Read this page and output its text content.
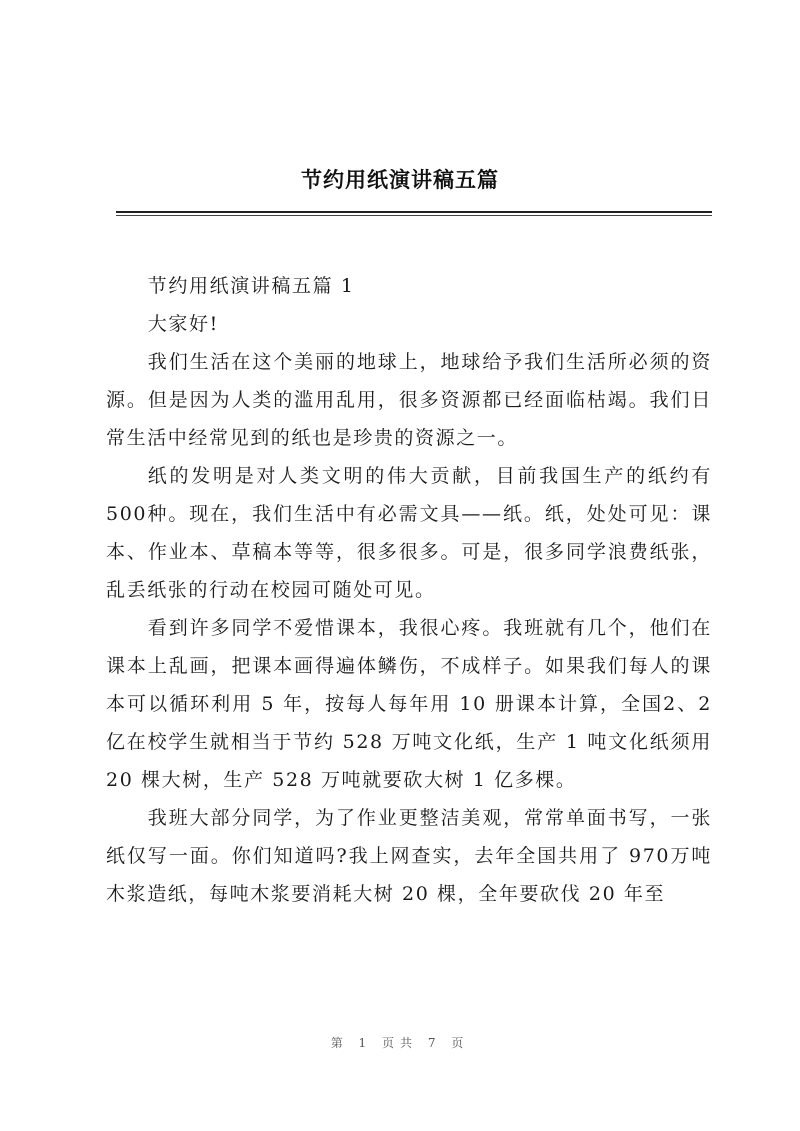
节约用纸演讲稿五篇

节约用纸演讲稿五篇 1

大家好!

我们生活在这个美丽的地球上，地球给予我们生活所必须的资源。但是因为人类的滥用乱用，很多资源都已经面临枯竭。我们日常生活中经常见到的纸也是珍贵的资源之一。

纸的发明是对人类文明的伟大贡献，目前我国生产的纸约有500种。现在，我们生活中有必需文具——纸。纸，处处可见：课本、作业本、草稿本等等，很多很多。可是，很多同学浪费纸张，乱丢纸张的行动在校园可随处可见。

看到许多同学不爱惜课本，我很心疼。我班就有几个，他们在课本上乱画，把课本画得遍体鳞伤，不成样子。如果我们每人的课本可以循环利用 5 年，按每人每年用 10 册课本计算，全国2、2 亿在校学生就相当于节约 528 万吨文化纸，生产 1 吨文化纸须用 20 棵大树，生产 528 万吨就要砍大树 1 亿多棵。

我班大部分同学，为了作业更整洁美观，常常单面书写，一张纸仅写一面。你们知道吗?我上网查实，去年全国共用了 970万吨木浆造纸，每吨木浆要消耗大树 20 棵，全年要砍伐 20 年至

第 1 页共 7 页
